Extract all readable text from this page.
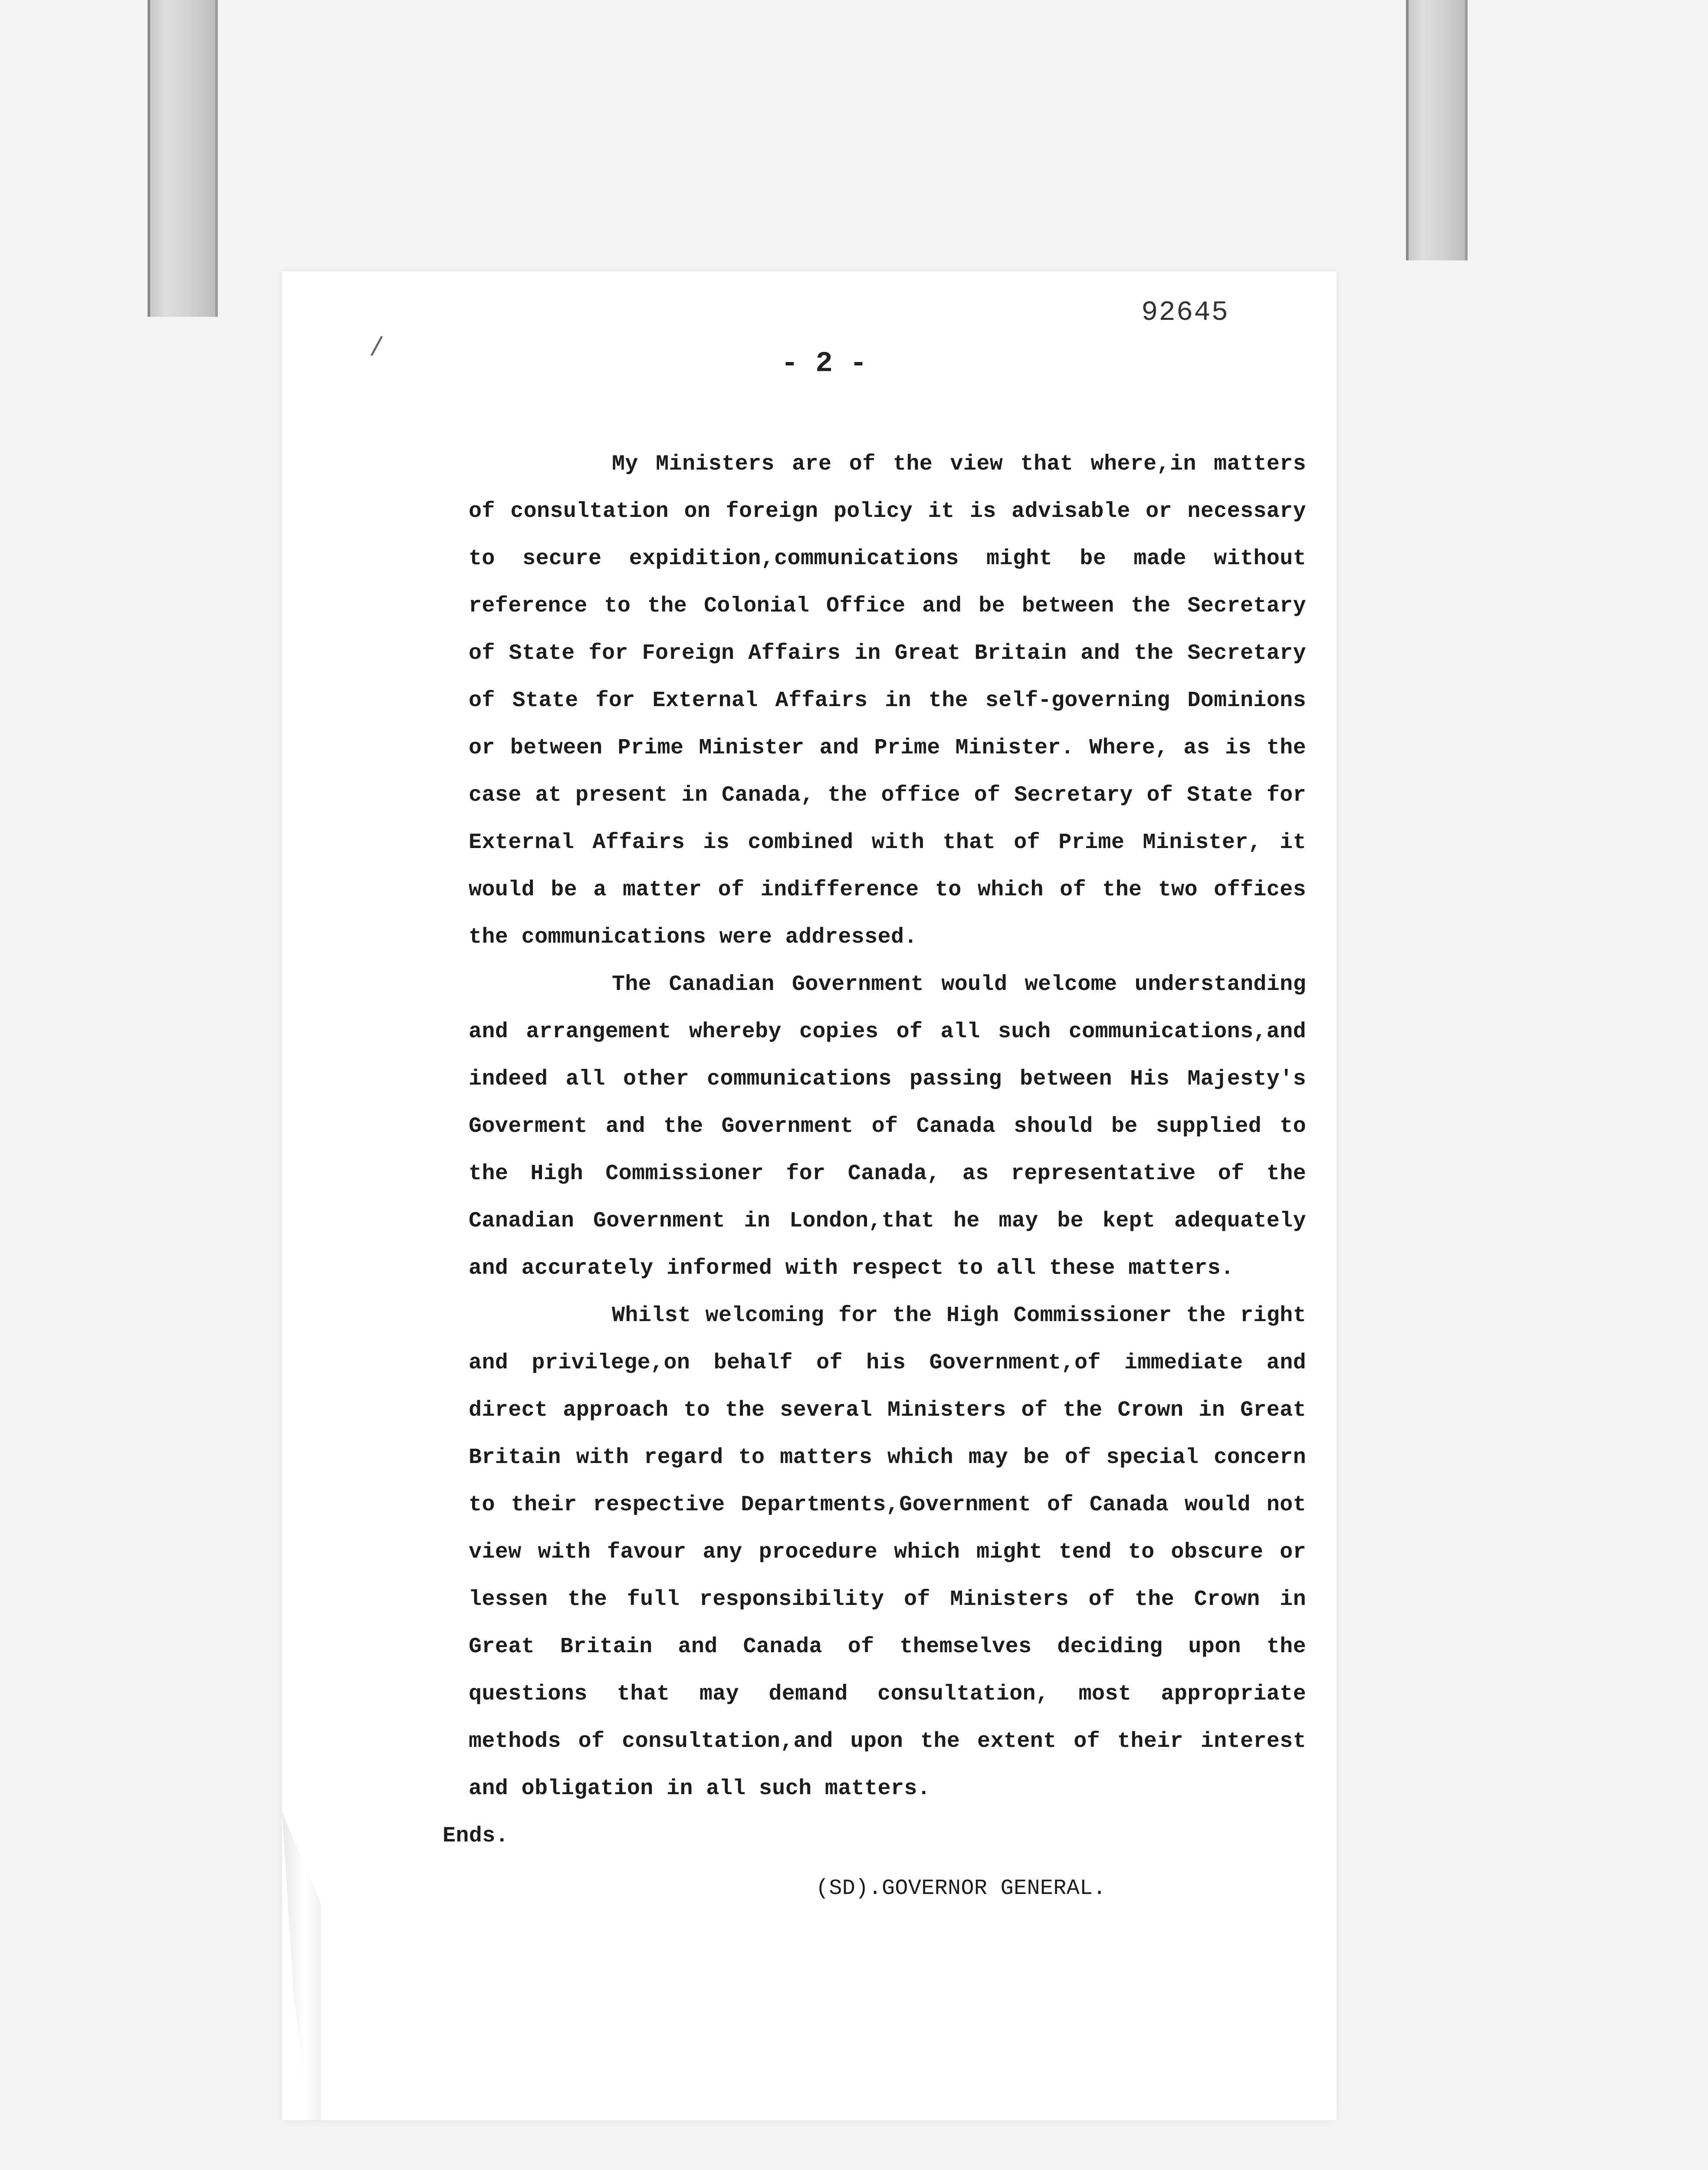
/
92645
- 2 -

My Ministers are of the view that where,in matters of consultation on foreign policy it is advisable or necessary to secure expidition,communications might be made without reference to the Colonial Office and be between the Secretary of State for Foreign Affairs in Great Britain and the Secretary of State for External Affairs in the self-governing Dominions or between Prime Minister and Prime Minister. Where, as is the case at present in Canada, the office of Secretary of State for External Affairs is combined with that of Prime Minister, it would be a matter of indifference to which of the two offices the communications were addressed.

The Canadian Government would welcome understanding and arrangement whereby copies of all such communications,and indeed all other communications passing between His Majesty's Goverment and the Government of Canada should be supplied to the High Commissioner for Canada, as representative of the Canadian Government in London,that he may be kept adequately and accurately informed with respect to all these matters.

Whilst welcoming for the High Commissioner the right and privilege,on behalf of his Government,of immediate and direct approach to the several Ministers of the Crown in Great Britain with regard to matters which may be of special concern to their respective Departments,Government of Canada would not view with favour any procedure which might tend to obscure or lessen the full responsibility of Ministers of the Crown in Great Britain and Canada of themselves deciding upon the questions that may demand consultation, most appropriate methods of consultation,and upon the extent of their interest and obligation in all such matters.

Ends.

(SD).GOVERNOR GENERAL.
